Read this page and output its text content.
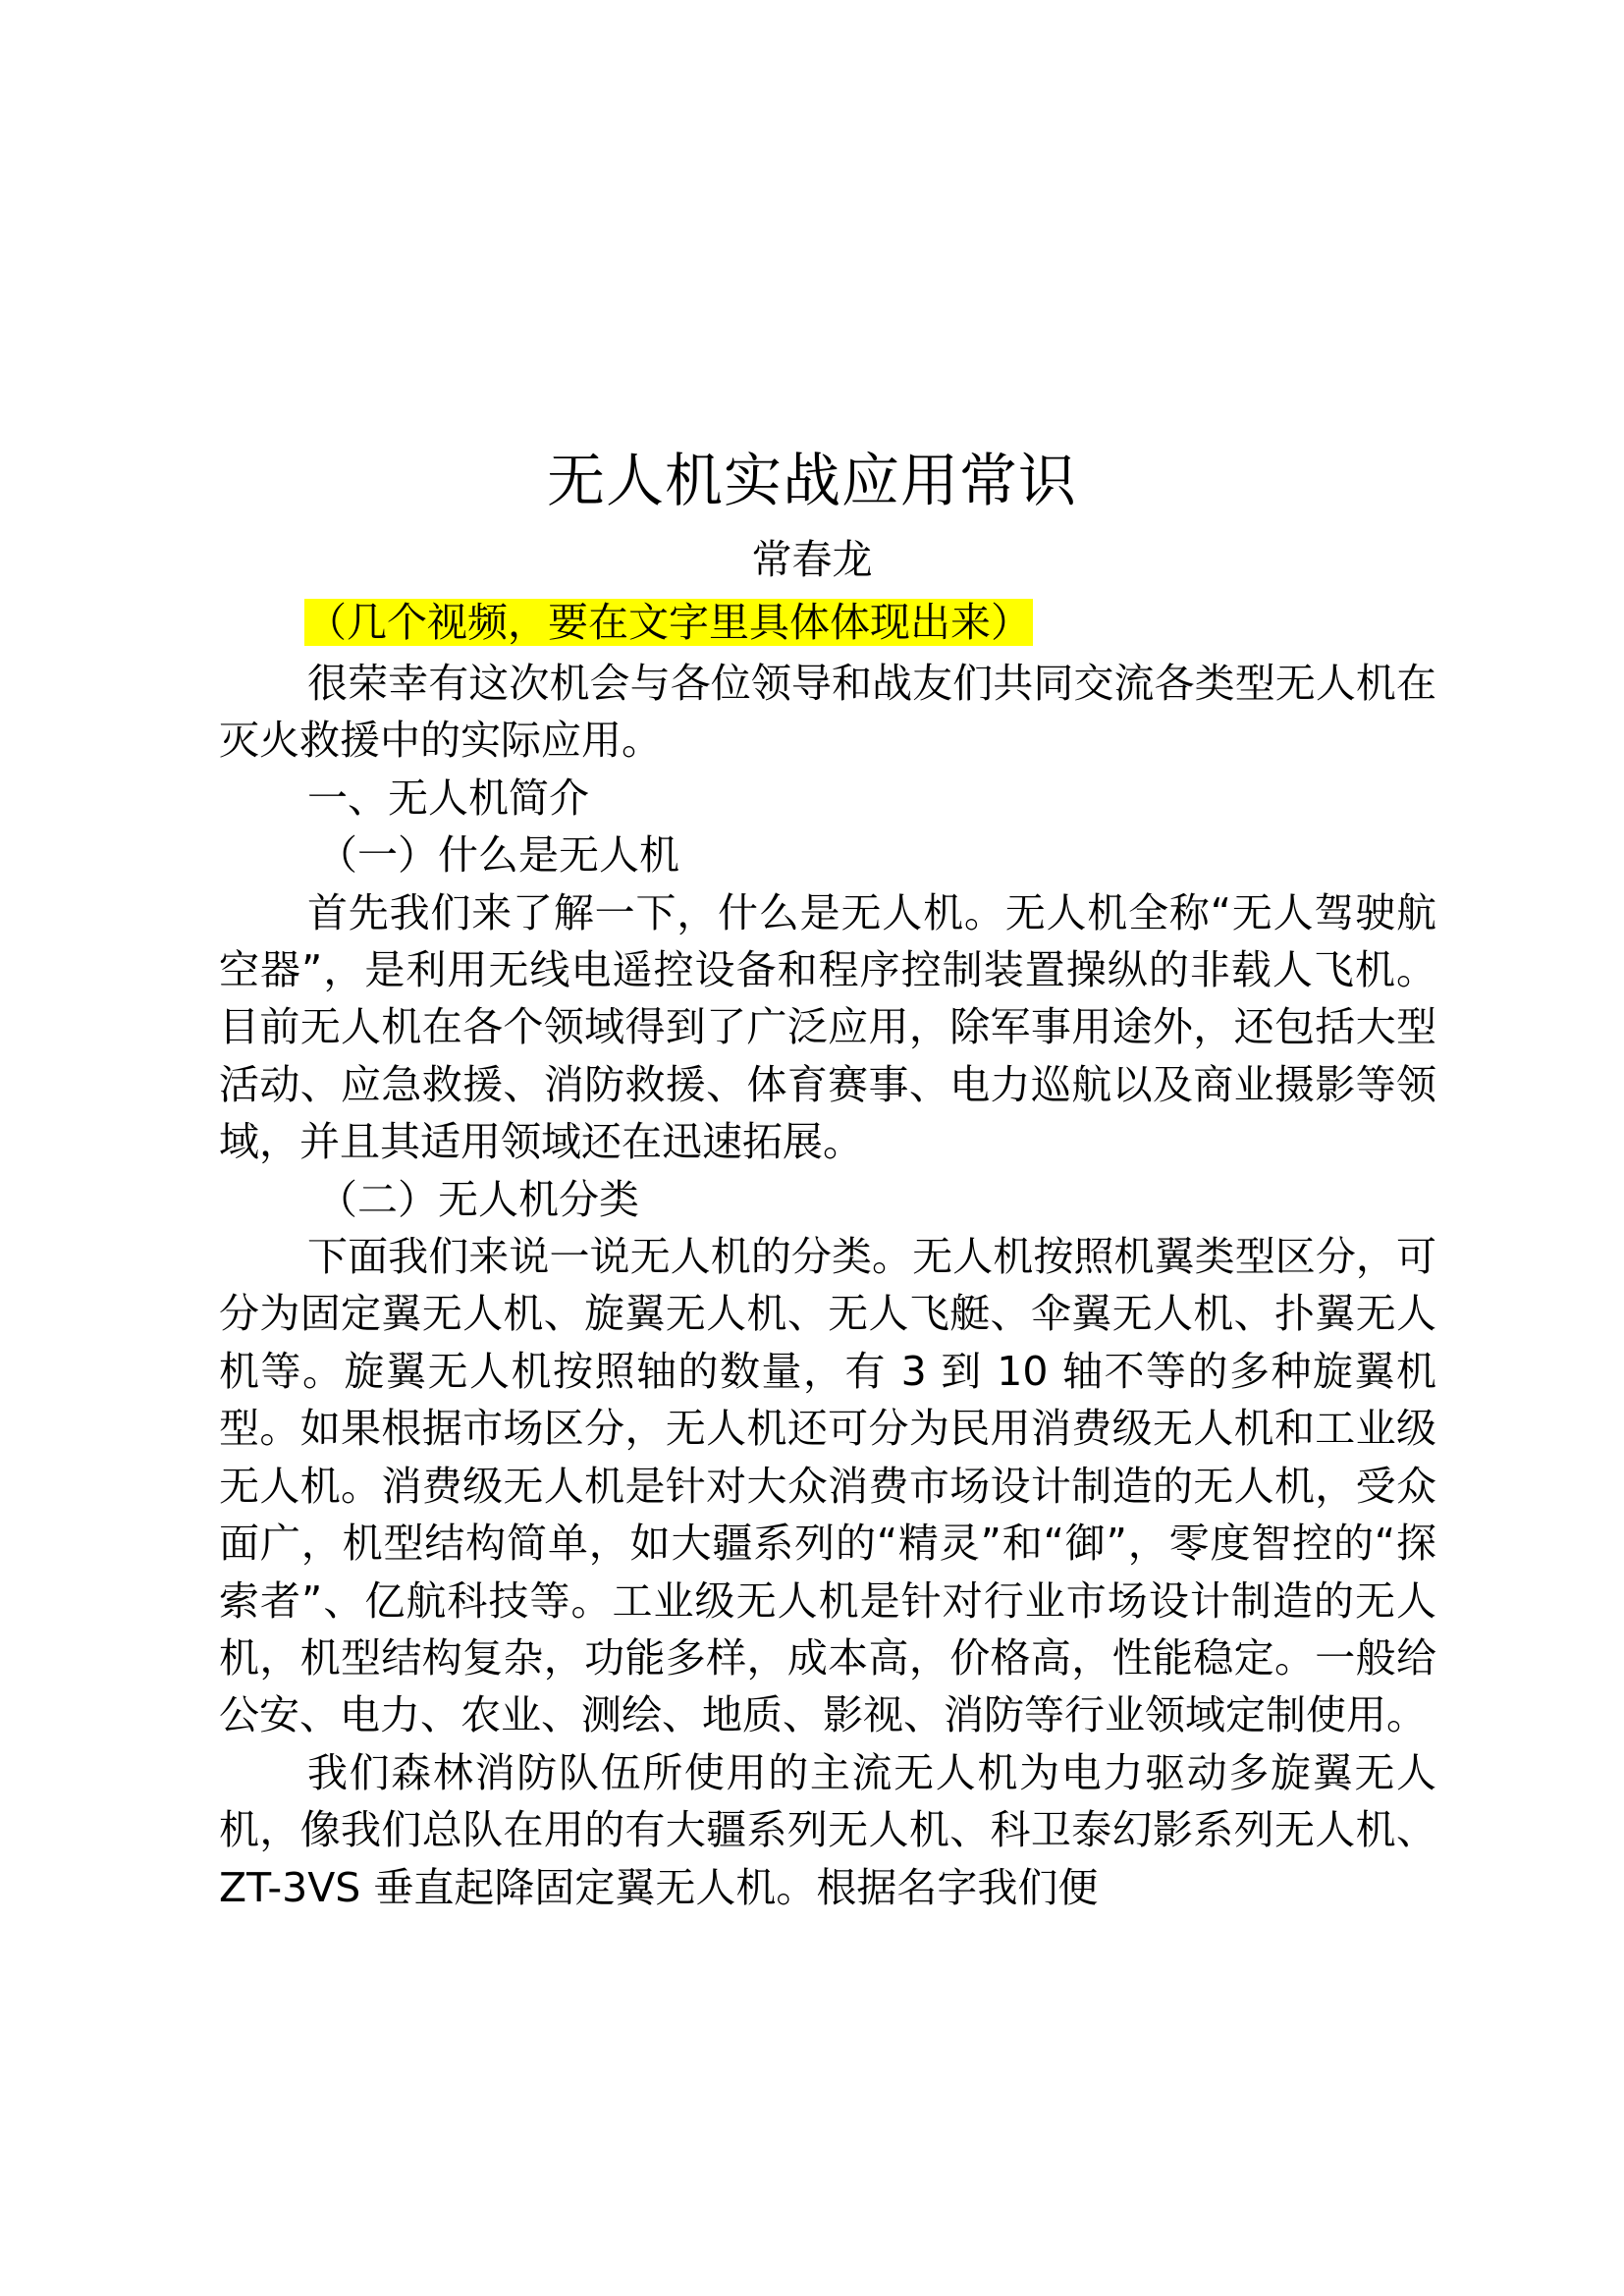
无人机实战应用常识
常春龙
（几个视频，要在文字里具体体现出来）

很荣幸有这次机会与各位领导和战友们共同交流各类型无人机在灭火救援中的实际应用。

一、无人机简介

（一）什么是无人机

首先我们来了解一下，什么是无人机。无人机全称“无人驾驶航空器”，是利用无线电遥控设备和程序控制装置操纵的非载人飞机。目前无人机在各个领域得到了广泛应用，除军事用途外，还包括大型活动、应急救援、消防救援、体育赛事、电力巡航以及商业摄影等领域，并且其适用领域还在迅速拓展。

（二）无人机分类

下面我们来说一说无人机的分类。无人机按照机翼类型区分，可分为固定翼无人机、旋翼无人机、无人飞艇、伞翼无人机、扑翼无人机等。旋翼无人机按照轴的数量，有 3 到 10 轴不等的多种旋翼机型。如果根据市场区分，无人机还可分为民用消费级无人机和工业级无人机。消费级无人机是针对大众消费市场设计制造的无人机，受众面广，机型结构简单，如大疆系列的“精灵”和“御”，零度智控的“探索者”、亿航科技等。工业级无人机是针对行业市场设计制造的无人机，机型结构复杂，功能多样，成本高，价格高，性能稳定。一般给公安、电力、农业、测绘、地质、影视、消防等行业领域定制使用。

我们森林消防队伍所使用的主流无人机为电力驱动多旋翼无人机，像我们总队在用的有大疆系列无人机、科卫泰幻影系列无人机、ZT-3VS 垂直起降固定翼无人机。根据名字我们便
